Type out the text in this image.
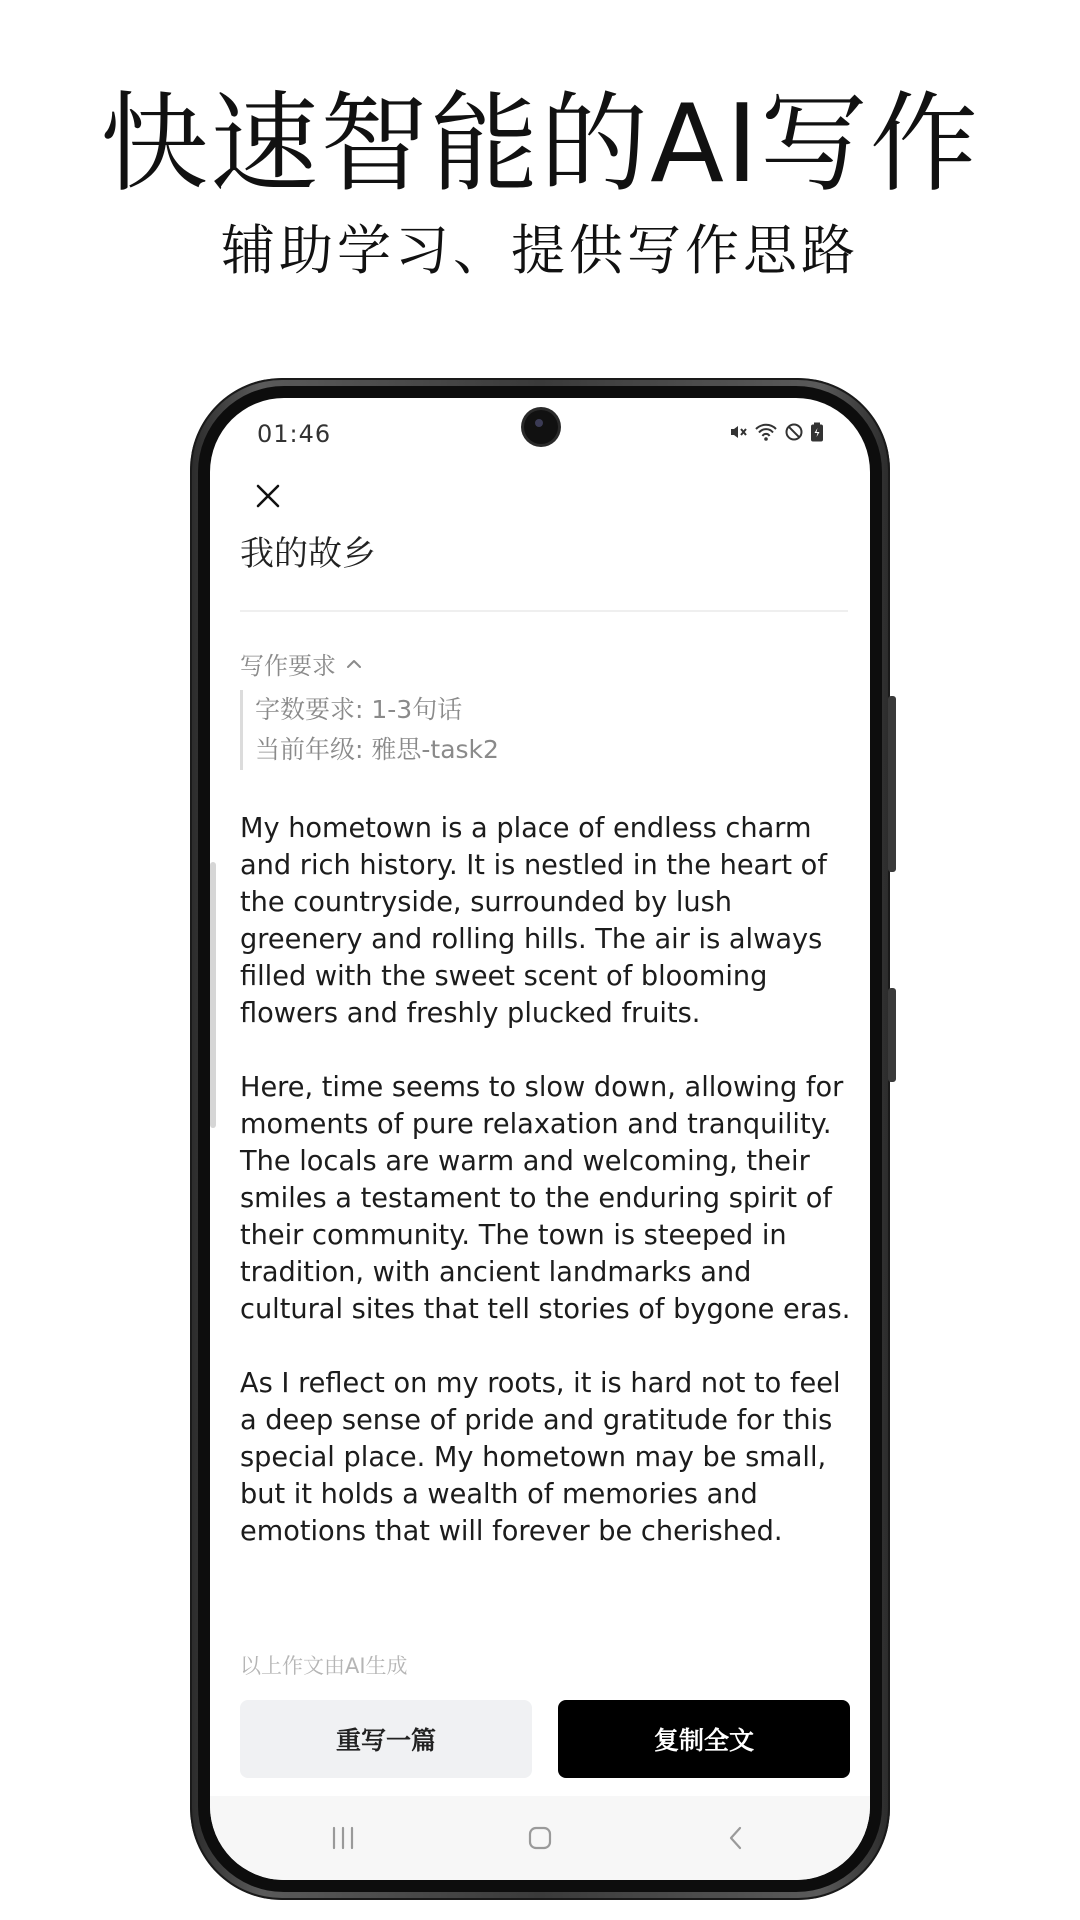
快速智能的AI写作
辅助学习、提供写作思路
01:46
我的故乡
写作要求
字数要求: 1-3句话
当前年级: 雅思-task2

My hometown is a place of endless charm and rich history. It is nestled in the heart of the countryside, surrounded by lush greenery and rolling hills. The air is always filled with the sweet scent of blooming flowers and freshly plucked fruits.

Here, time seems to slow down, allowing for moments of pure relaxation and tranquility. The locals are warm and welcoming, their smiles a testament to the enduring spirit of their community. The town is steeped in tradition, with ancient landmarks and cultural sites that tell stories of bygone eras.

As I reflect on my roots, it is hard not to feel a deep sense of pride and gratitude for this special place. My hometown may be small, but it holds a wealth of memories and emotions that will forever be cherished.

以上作文由AI生成
重写一篇	复制全文
